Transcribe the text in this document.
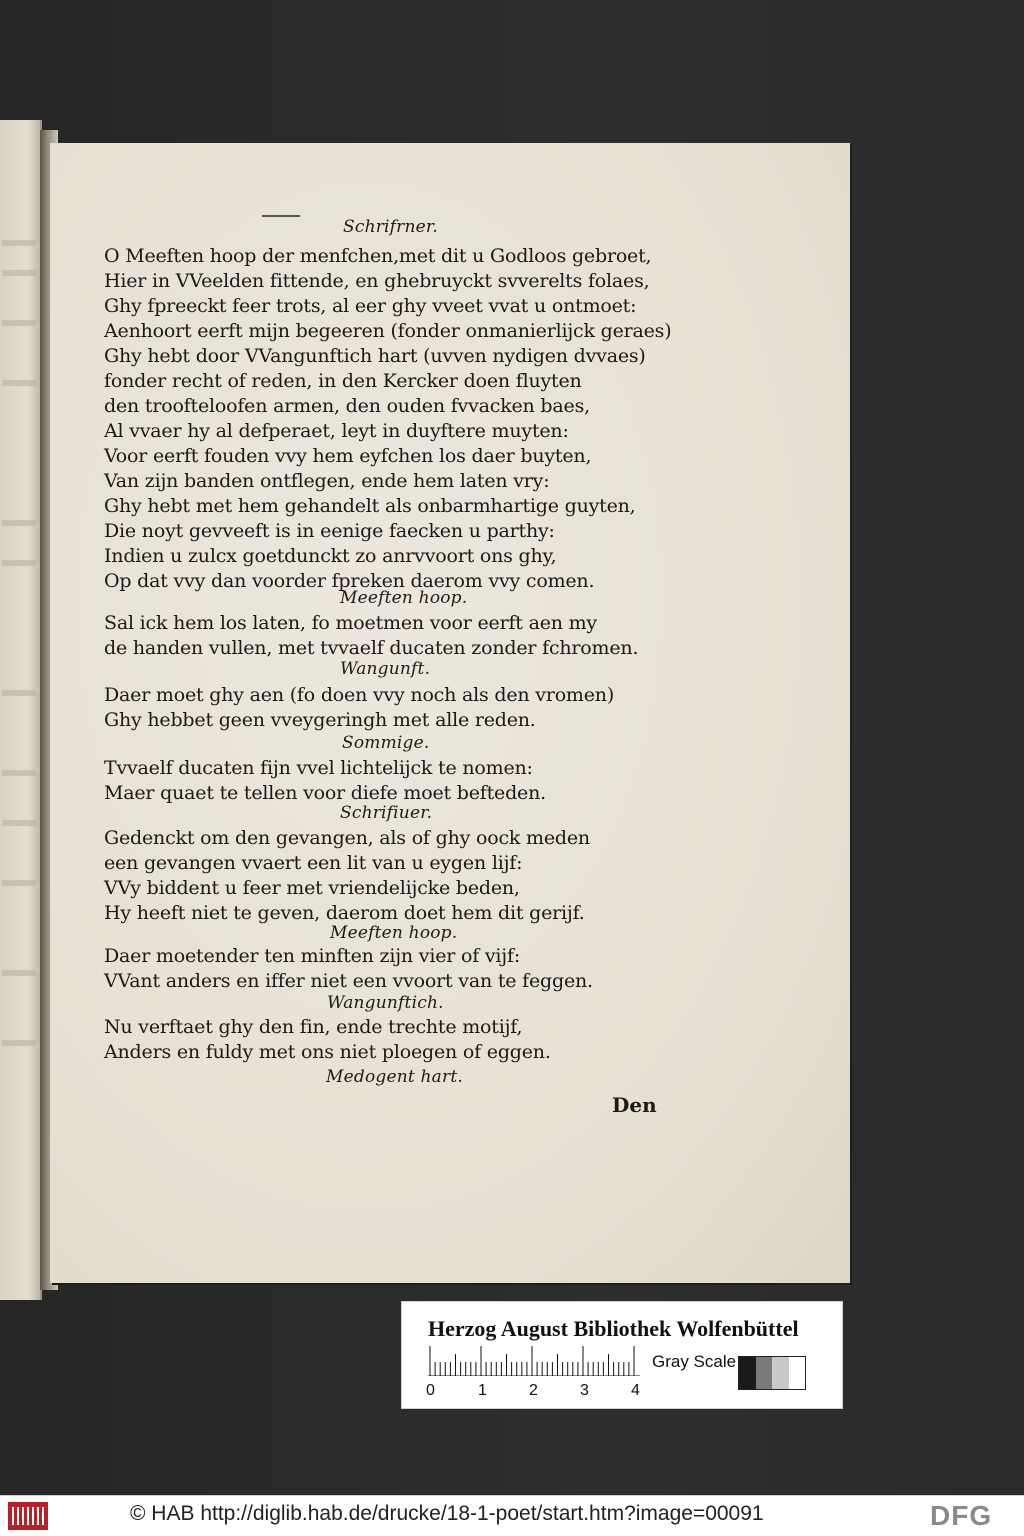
Schrifrner.
O Meeften hoop der menfchen,met dit u Godloos gebroet,
Hier in VVeelden fittende, en ghebruyckt svverelts folaes,
Ghy fpreeckt feer trots, al eer ghy vveet vvat u ontmoet:
Aenhoort eerft mijn begeeren (fonder onmanierlijck geraes)
Ghy hebt door VVangunftich hart (uvven nydigen dvvaes)
fonder recht of reden, in den Kercker doen fluyten
den troofteloofen armen, den ouden fvvacken baes,
Al vvaer hy al defperaet, leyt in duyftere muyten:
Voor eerft fouden vvy hem eyfchen los daer buyten,
Van zijn banden ontflegen, ende hem laten vry:
Ghy hebt met hem gehandelt als onbarmhartige guyten,
Die noyt gevveeft is in eenige faecken u parthy:
Indien u zulcx goetdunckt zo anrvvoort ons ghy,
Op dat vvy dan voorder fpreken daerom vvy comen.
Meeften hoop.
Sal ick hem los laten, fo moetmen voor eerft aen my
de handen vullen, met tvvaelf ducaten zonder fchromen.
Wangunft.
Daer moet ghy aen (fo doen vvy noch als den vromen)
Ghy hebbet geen vveygeringh met alle reden.
Sommige.
Tvvaelf ducaten fijn vvel lichtelijck te nomen:
Maer quaet te tellen voor diefe moet befteden.
Schrifiuer.
Gedenckt om den gevangen, als of ghy oock meden
een gevangen vvaert een lit van u eygen lijf:
VVy biddent u feer met vriendelijcke beden,
Hy heeft niet te geven, daerom doet hem dit gerijf.
Meeften hoop.
Daer moetender ten minften zijn vier of vijf:
VVant anders en iffer niet een vvoort van te feggen.
Wangunftich.
Nu verftaet ghy den fin, ende trechte motijf,
Anders en fuldy met ons niet ploegen of eggen.
Medogent hart.
Den
Herzog August Bibliothek Wolfenbüttel
0	1	2	3	4
Gray Scale
© HAB http://diglib.hab.de/drucke/18-1-poet/start.htm?image=00091	DFG
